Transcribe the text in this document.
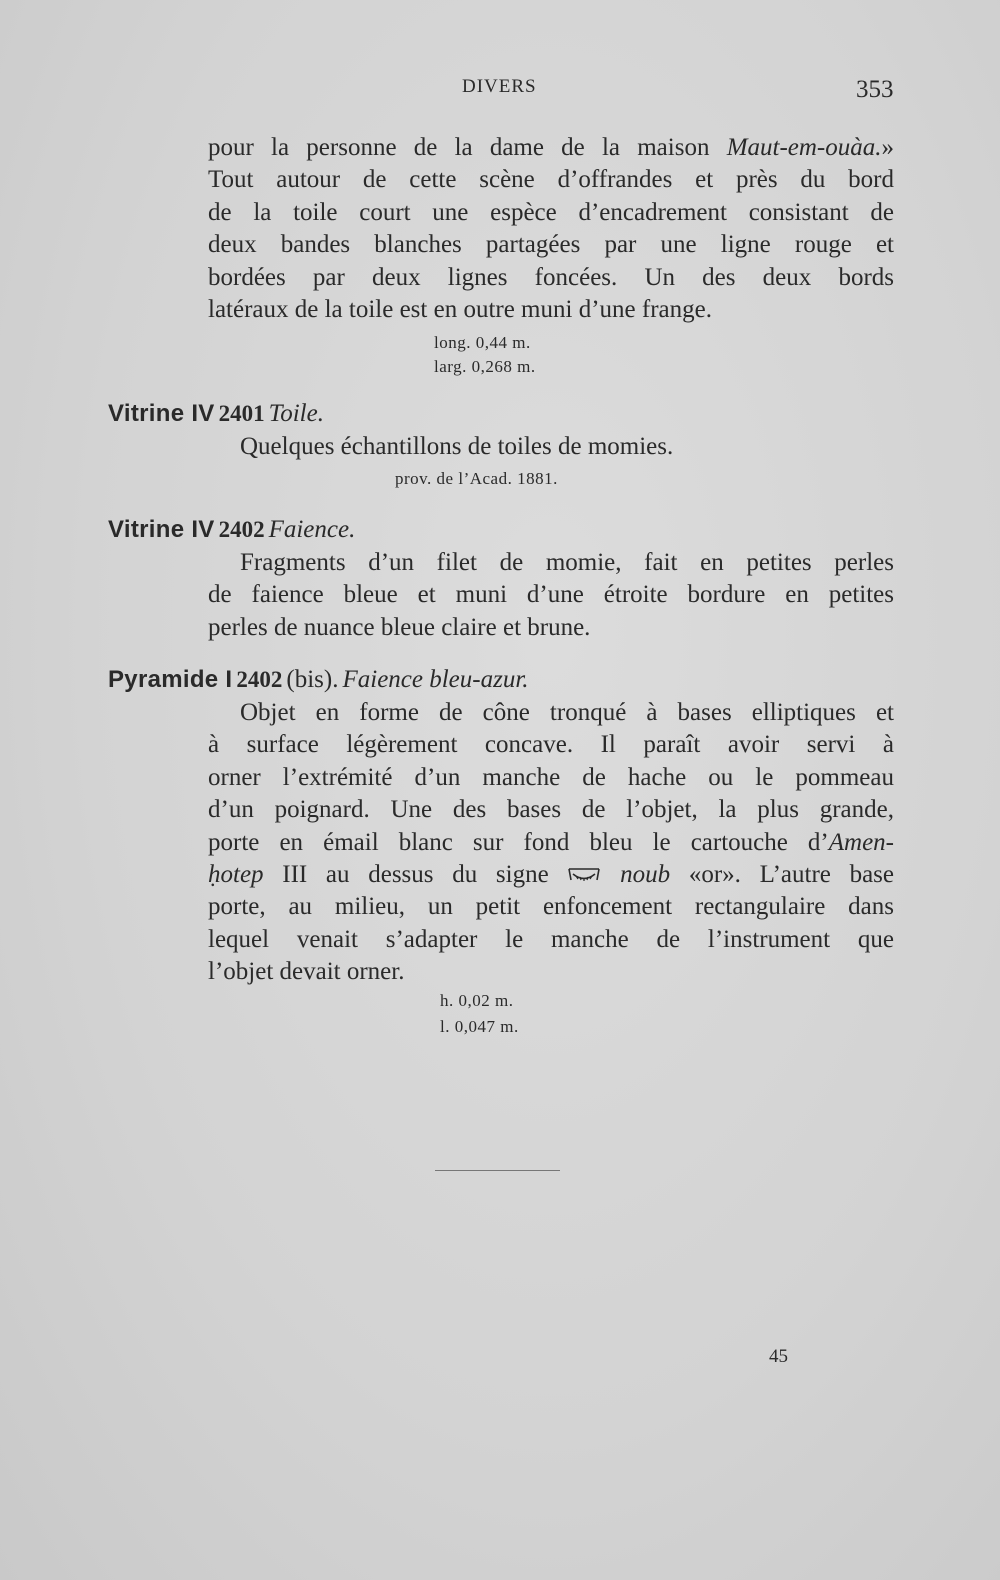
DIVERS	353
pour la personne de la dame de la maison Maut-em-ouàa.»
Tout autour de cette scène d’offrandes et près du bord
de la toile court une espèce d’encadrement consistant de
deux bandes blanches partagées par une ligne rouge et
bordées par deux lignes foncées. Un des deux bords
latéraux de la toile est en outre muni d’une frange.
long. 0,44 m.
larg. 0,268 m.
Vitrine IV 2401 Toile.
Quelques échantillons de toiles de momies.
prov. de l’Acad. 1881.
Vitrine IV 2402 Faience.
Fragments d’un filet de momie, fait en petites perles
de faience bleue et muni d’une étroite bordure en petites
perles de nuance bleue claire et brune.
Pyramide I 2402 (bis). Faience bleu-azur.
Objet en forme de cône tronqué à bases elliptiques et
à surface légèrement concave. Il paraît avoir servi à
orner l’extrémité d’un manche de hache ou le pommeau
d’un poignard. Une des bases de l’objet, la plus grande,
porte en émail blanc sur fond bleu le cartouche d’Amen-
ḥotep III au dessus du signe  noub «or». L’autre base
porte, au milieu, un petit enfoncement rectangulaire dans
lequel venait s’adapter le manche de l’instrument que
l’objet devait orner.
h. 0,02 m.
l. 0,047 m.
45
